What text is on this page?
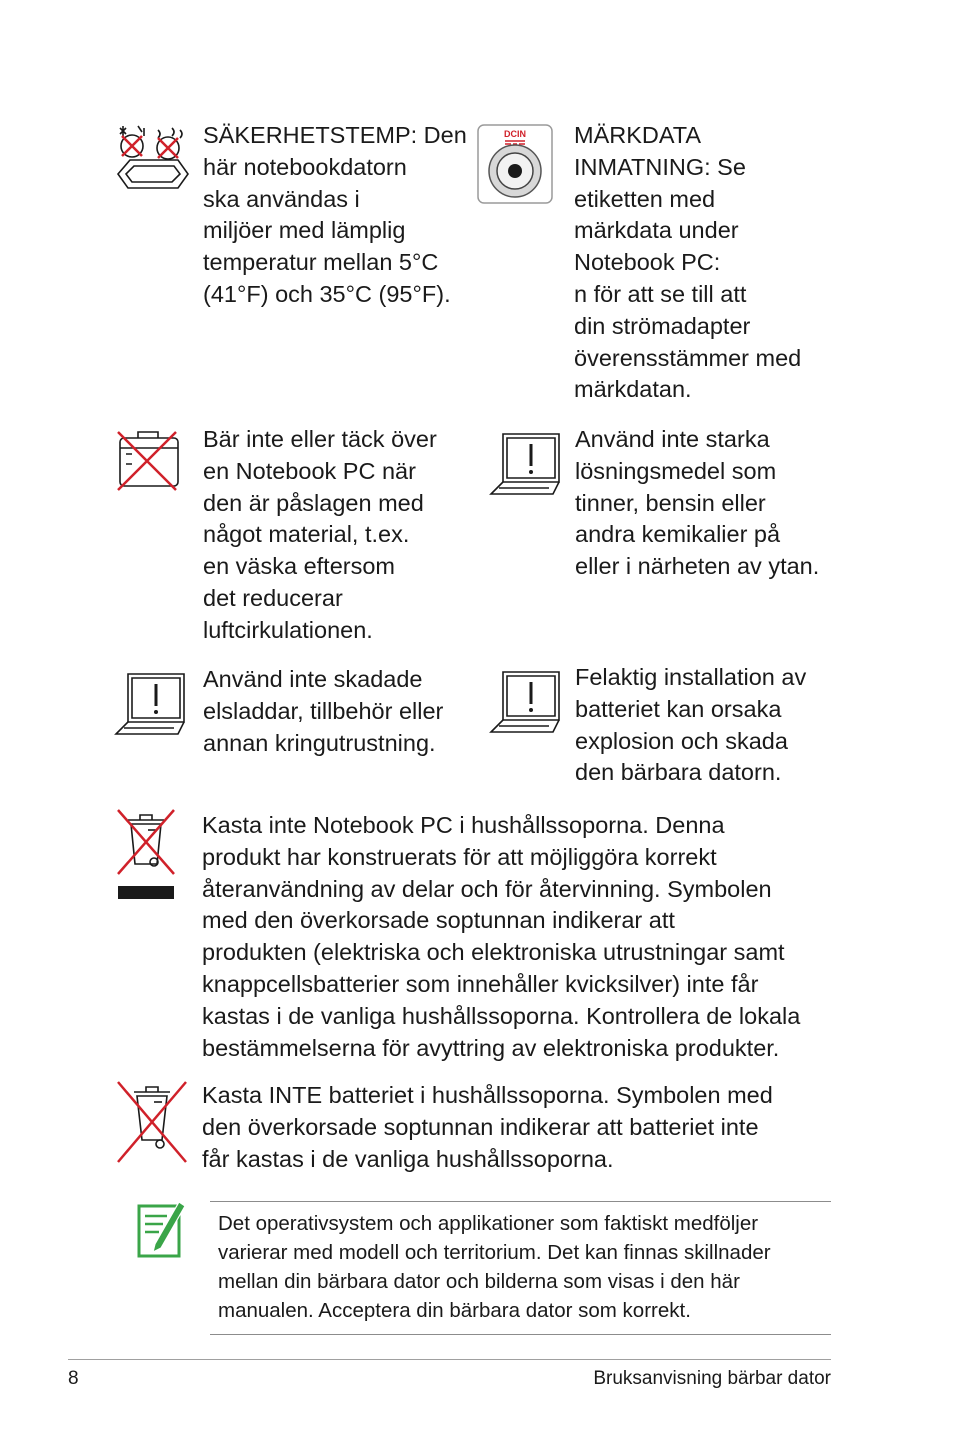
SÄKERHETSTEMP: Den
här notebookdatorn
ska användas i
miljöer med lämplig
temperatur mellan 5°C
(41°F) och 35°C (95°F).

DCIN MÄRKDATA
INMATNING: Se
etiketten med
märkdata under
Notebook PC:
n för att se till att
din strömadapter
överensstämmer med
märkdatan.

Bär inte eller täck över
en Notebook PC när
den är påslagen med
något material, t.ex.
en väska eftersom
det reducerar
luftcirkulationen.

Använd inte starka
lösningsmedel som
tinner, bensin eller
andra kemikalier på
eller i närheten av ytan.

Använd inte skadade
elsladdar, tillbehör eller
annan kringutrustning.

Felaktig installation av
batteriet kan orsaka
explosion och skada
den bärbara datorn.

Kasta inte Notebook PC i hushållssoporna. Denna
produkt har konstruerats för att möjliggöra korrekt
återanvändning av delar och för återvinning. Symbolen
med den överkorsade soptunnan indikerar att
produkten (elektriska och elektroniska utrustningar samt
knappcellsbatterier som innehåller kvicksilver) inte får
kastas i de vanliga hushållssoporna. Kontrollera de lokala
bestämmelserna för avyttring av elektroniska produkter.

Kasta INTE batteriet i hushållssoporna. Symbolen med
den överkorsade soptunnan indikerar att batteriet inte
får kastas i de vanliga hushållssoporna.

Det operativsystem och applikationer som faktiskt medföljer
varierar med modell och territorium. Det kan finnas skillnader
mellan din bärbara dator och bilderna som visas i den här
manualen. Acceptera din bärbara dator som korrekt.
8	Bruksanvisning bärbar dator
